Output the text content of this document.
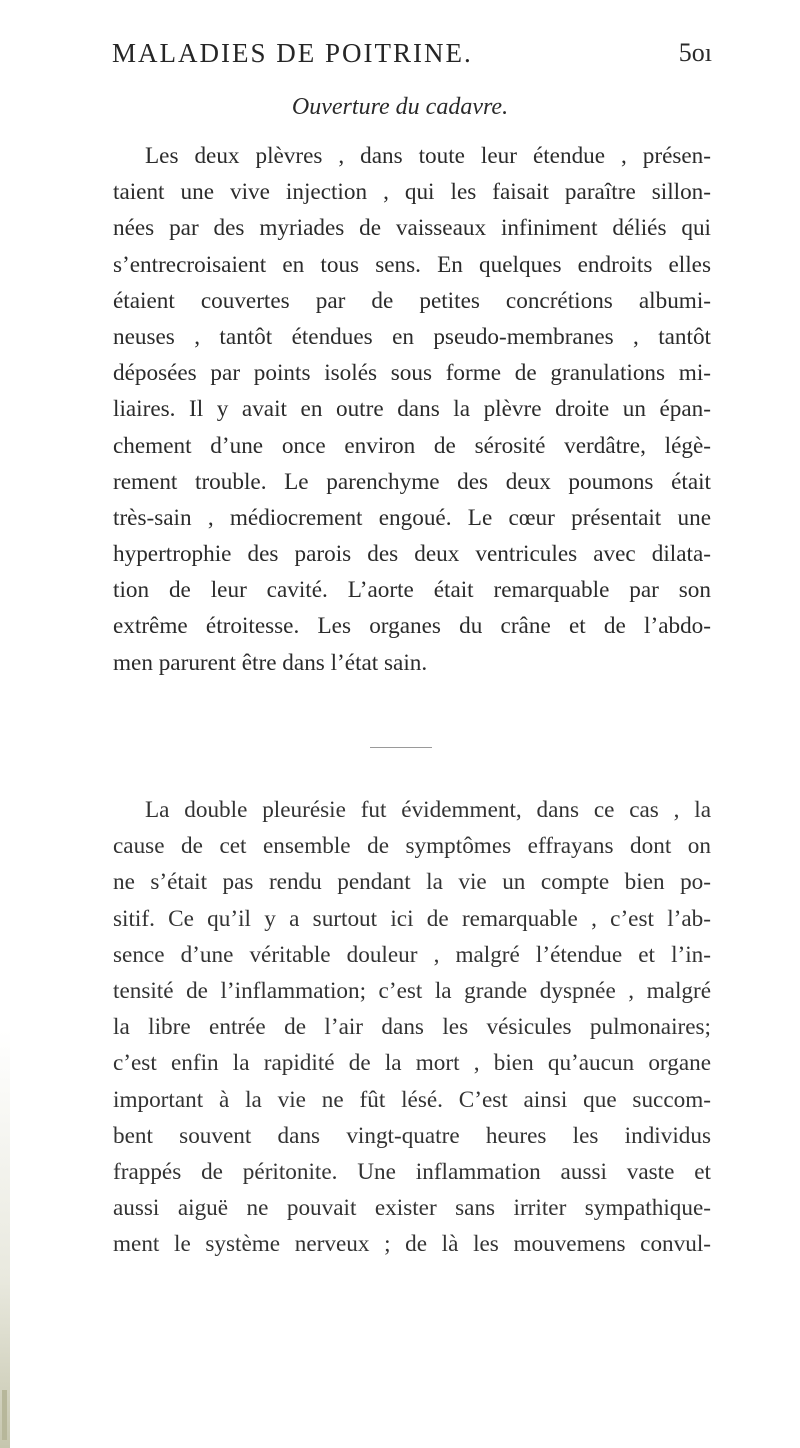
MALADIES DE POITRINE.	5oı
Ouverture du cadavre.
Les deux plèvres , dans toute leur étendue , présen-
taient une vive injection , qui les faisait paraître sillon-
nées par des myriades de vaisseaux infiniment déliés qui
s’entrecroisaient en tous sens. En quelques endroits elles
étaient couvertes par de petites concrétions albumi-
neuses , tantôt étendues en pseudo-membranes , tantôt
déposées par points isolés sous forme de granulations mi-
liaires. Il y avait en outre dans la plèvre droite un épan-
chement d’une once environ de sérosité verdâtre, légè-
rement trouble. Le parenchyme des deux poumons était
très-sain , médiocrement engoué. Le cœur présentait une
hypertrophie des parois des deux ventricules avec dilata-
tion de leur cavité. L’aorte était remarquable par son
extrême étroitesse. Les organes du crâne et de l’abdo-
men parurent être dans l’état sain.
La double pleurésie fut évidemment, dans ce cas , la
cause de cet ensemble de symptômes effrayans dont on
ne s’était pas rendu pendant la vie un compte bien po-
sitif. Ce qu’il y a surtout ici de remarquable , c’est l’ab-
sence d’une véritable douleur , malgré l’étendue et l’in-
tensité de l’inflammation; c’est la grande dyspnée , malgré
la libre entrée de l’air dans les vésicules pulmonaires;
c’est enfin la rapidité de la mort , bien qu’aucun organe
important à la vie ne fût lésé. C’est ainsi que succom-
bent souvent dans vingt-quatre heures les individus
frappés de péritonite. Une inflammation aussi vaste et
aussi aiguë ne pouvait exister sans irriter sympathique-
ment le système nerveux ; de là les mouvemens convul-
